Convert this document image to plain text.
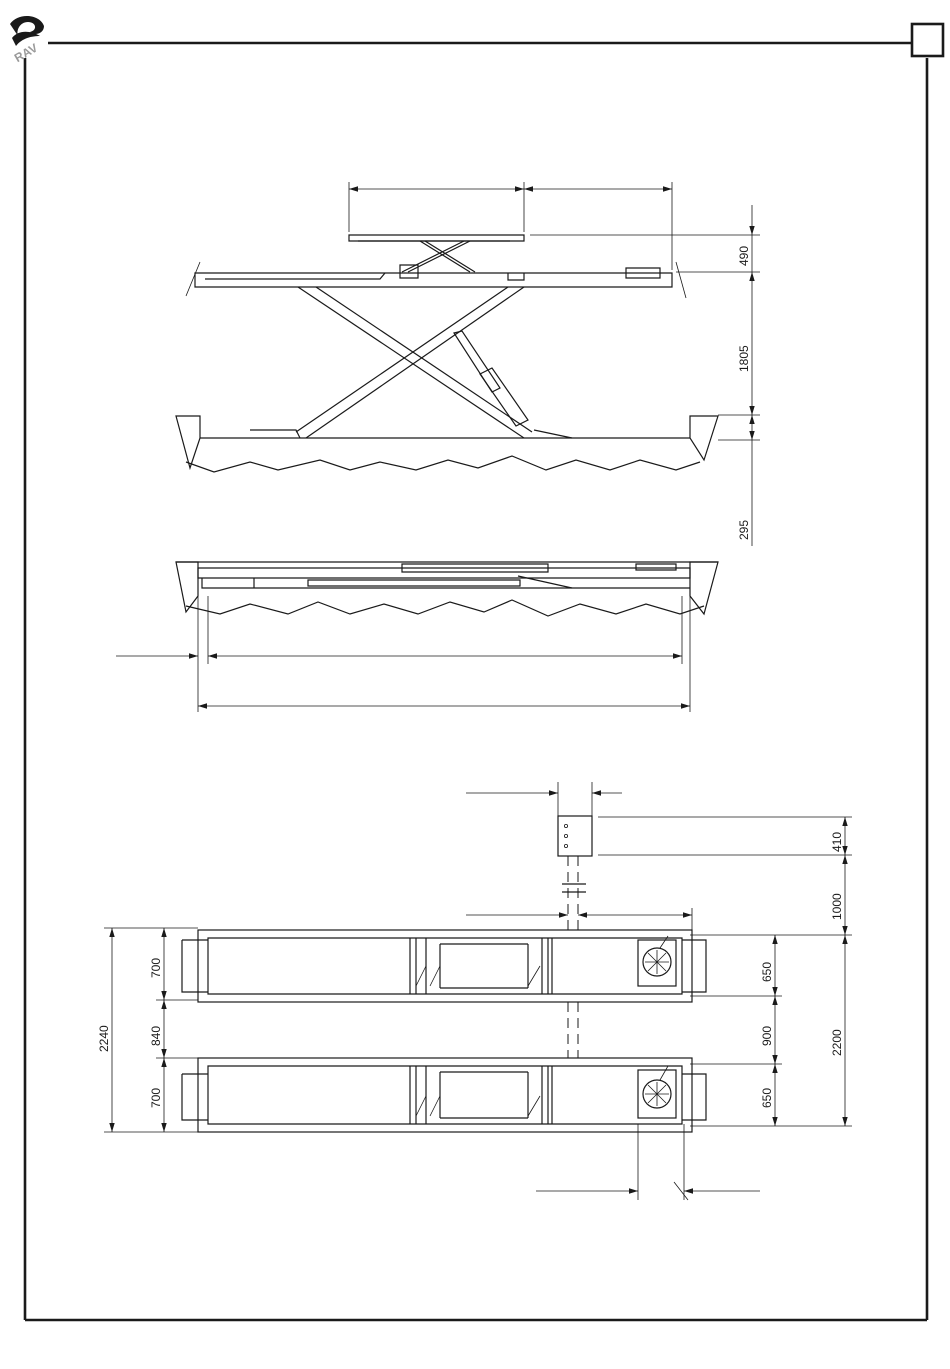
RAV
490
1805
295
410
1000
650
900
650
2200
2240
700
840
700
